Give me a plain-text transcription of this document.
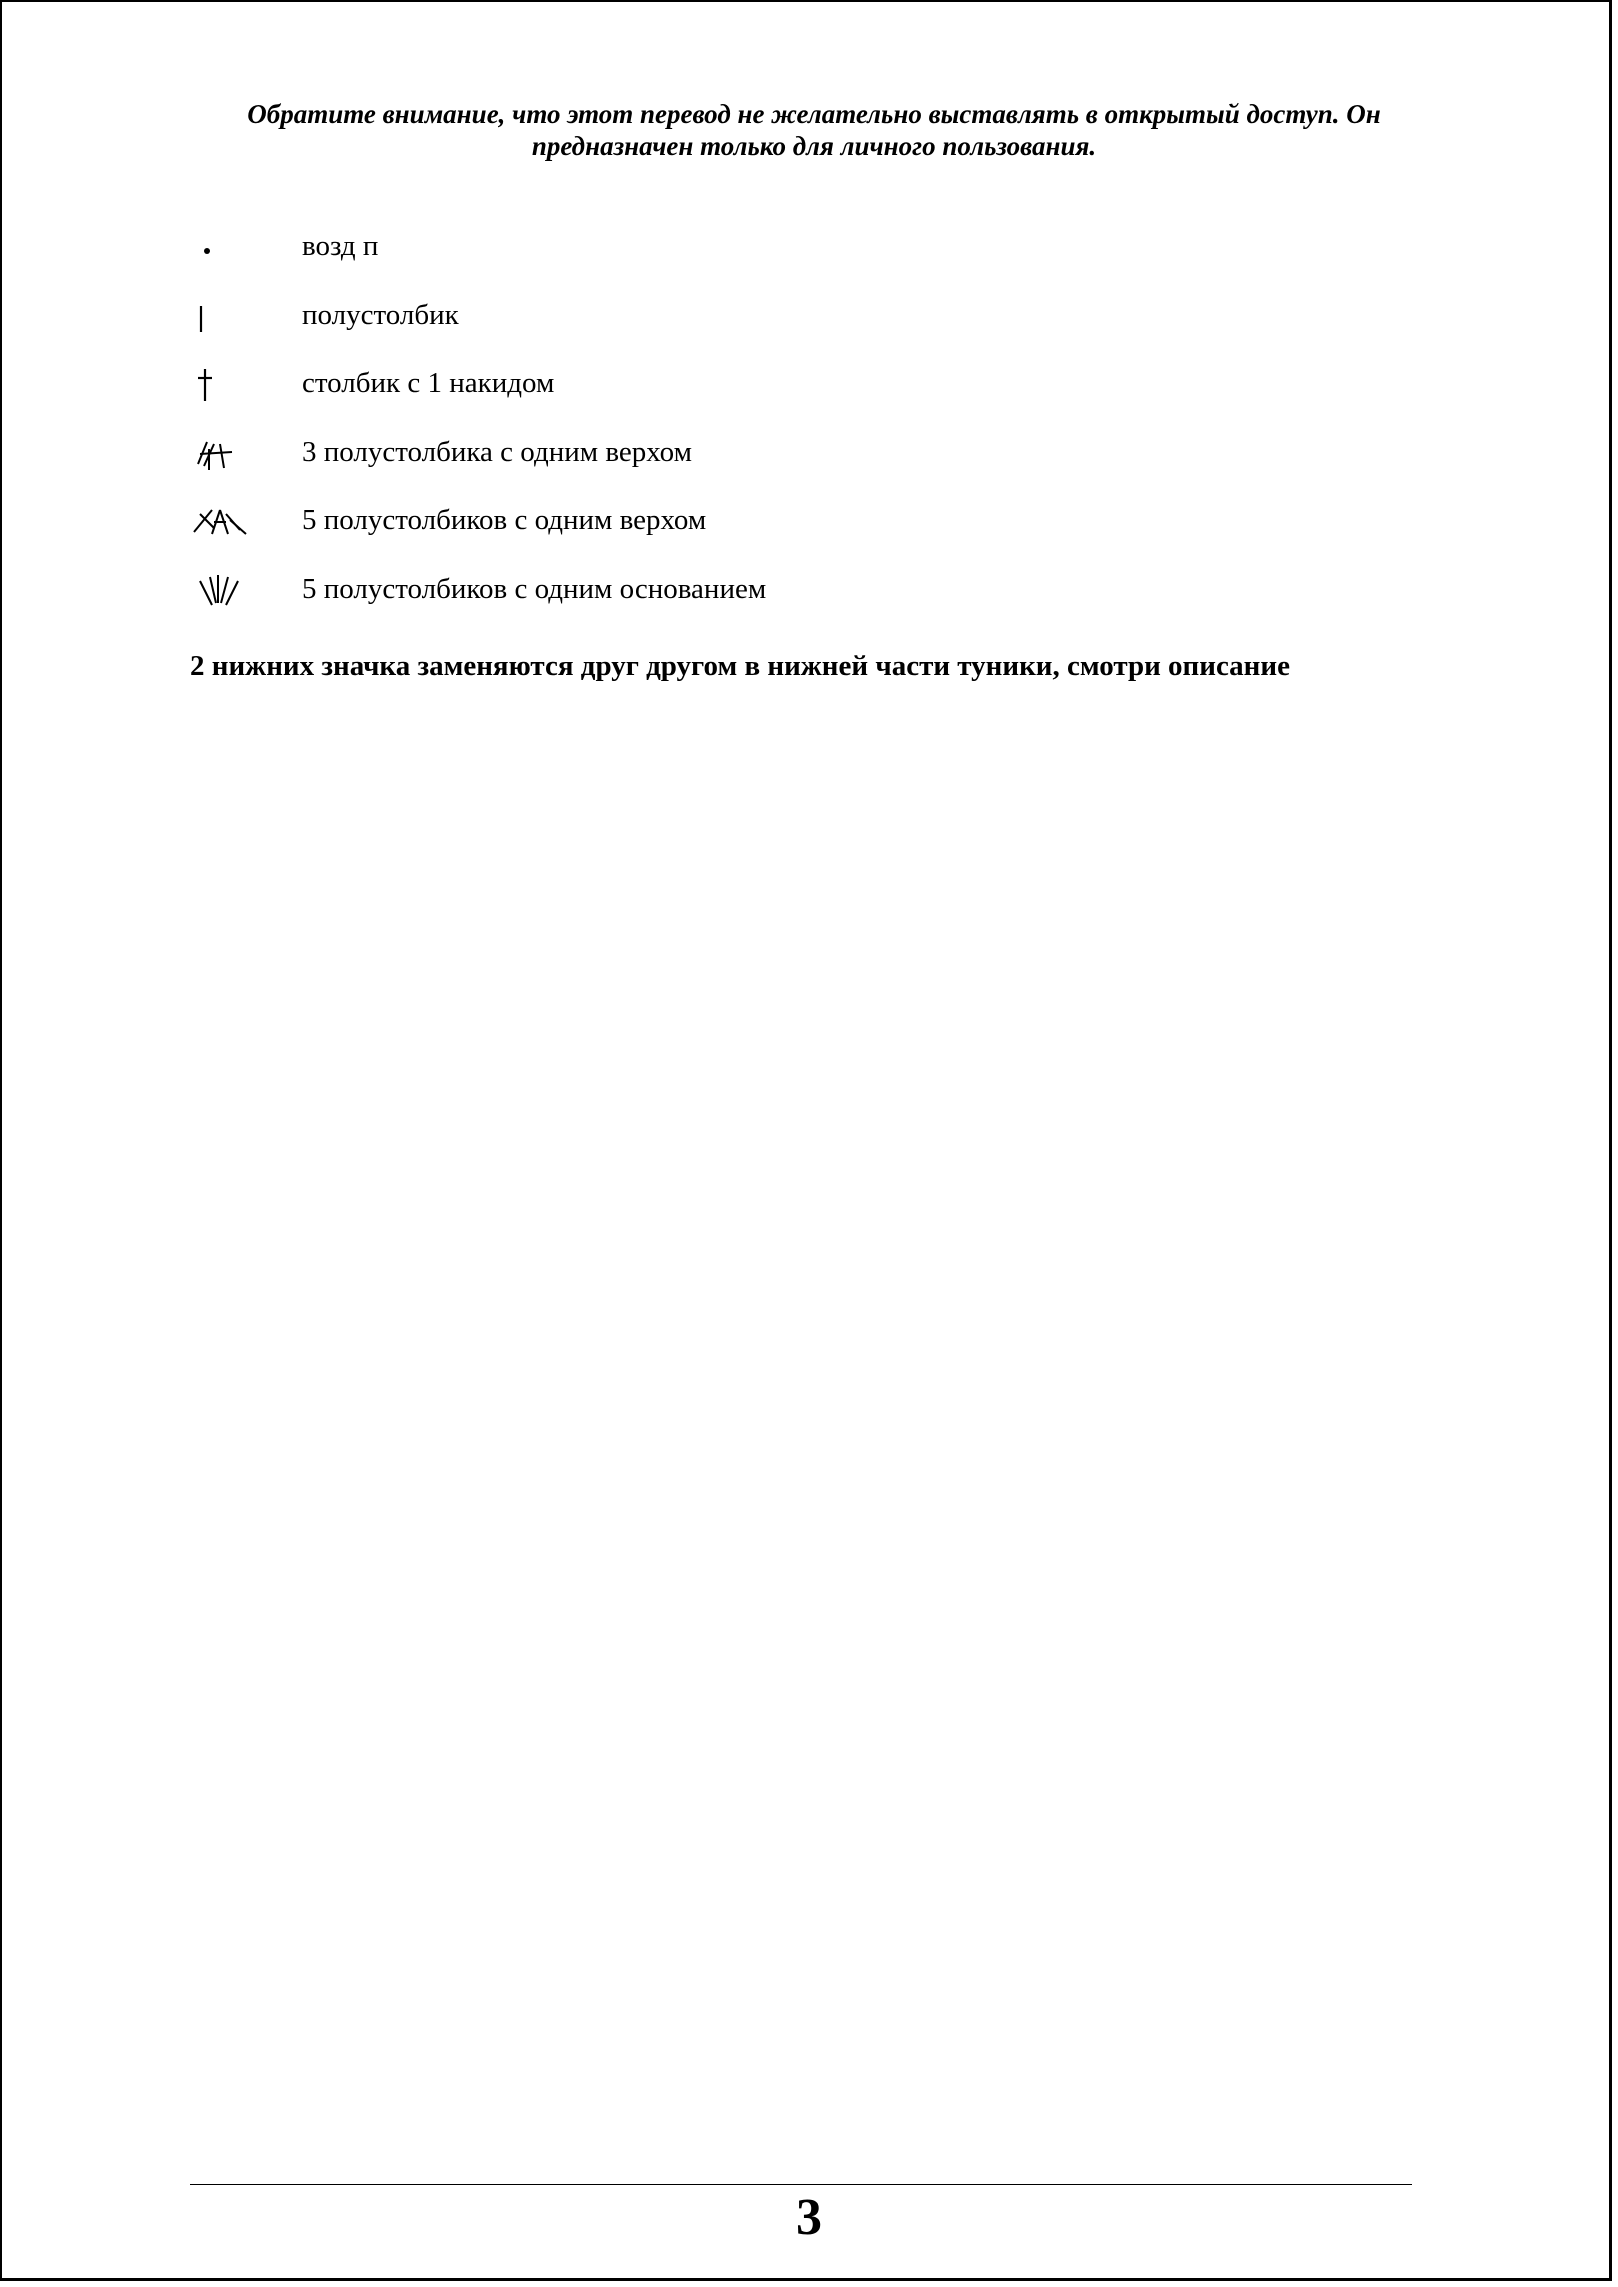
Обратите внимание, что этот перевод не желательно выставлять в открытый доступ. Он
предназначен только для личного пользования.
возд п
полустолбик
столбик с 1 накидом
3 полустолбика с одним верхом
5 полустолбиков с одним верхом
5 полустолбиков с одним основанием
2 нижних значка заменяются друг другом в нижней части туники, смотри описание
3
